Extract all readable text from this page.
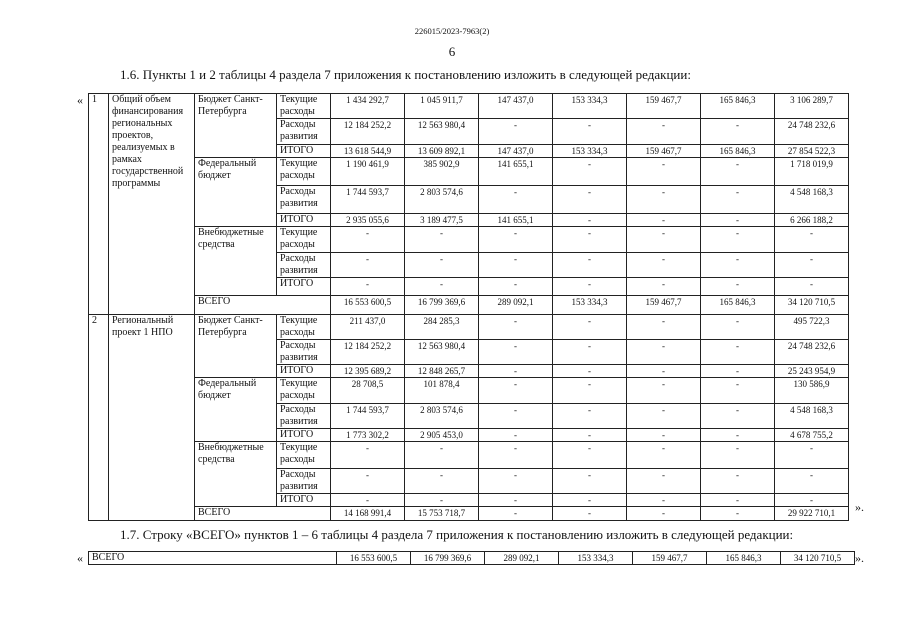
226015/2023-7963(2)
6
1.6. Пункты 1 и 2 таблицы 4 раздела 7 приложения к постановлению изложить в следующей редакции:
« 1	Общий объем финансирования региональных проектов, реализуемых в рамках государственной программы	Бюджет Санкт-Петербурга	Текущие расходы	1 434 292,7	1 045 911,7	147 437,0	153 334,3	159 467,7	165 846,3	3 106 289,7
			Расходы развития	12 184 252,2	12 563 980,4	-	-	-	-	24 748 232,6
			ИТОГО	13 618 544,9	13 609 892,1	147 437,0	153 334,3	159 467,7	165 846,3	27 854 522,3
		Федеральный бюджет	Текущие расходы	1 190 461,9	385 902,9	141 655,1	-	-	-	1 718 019,9
			Расходы развития	1 744 593,7	2 803 574,6	-	-	-	-	4 548 168,3
			ИТОГО	2 935 055,6	3 189 477,5	141 655,1	-	-	-	6 266 188,2
		Внебюджетные средства	Текущие расходы	-	-	-	-	-	-	-
			Расходы развития	-	-	-	-	-	-	-
			ИТОГО	-	-	-	-	-	-	-
		ВСЕГО		16 553 600,5	16 799 369,6	289 092,1	153 334,3	159 467,7	165 846,3	34 120 710,5
2	Региональный проект 1 НПО	Бюджет Санкт-Петербурга	Текущие расходы	211 437,0	284 285,3	-	-	-	-	495 722,3
			Расходы развития	12 184 252,2	12 563 980,4	-	-	-	-	24 748 232,6
			ИТОГО	12 395 689,2	12 848 265,7	-	-	-	-	25 243 954,9
		Федеральный бюджет	Текущие расходы	28 708,5	101 878,4	-	-	-	-	130 586,9
			Расходы развития	1 744 593,7	2 803 574,6	-	-	-	-	4 548 168,3
			ИТОГО	1 773 302,2	2 905 453,0	-	-	-	-	4 678 755,2
		Внебюджетные средства	Текущие расходы	-	-	-	-	-	-	-
			Расходы развития	-	-	-	-	-	-	-
			ИТОГО	-	-	-	-	-	-	-
		ВСЕГО		14 168 991,4	15 753 718,7	-	-	-	-	29 922 710,1 ».
1.7. Строку «ВСЕГО» пунктов 1 – 6 таблицы 4 раздела 7 приложения к постановлению изложить в следующей редакции:
« ВСЕГО	16 553 600,5	16 799 369,6	289 092,1	153 334,3	159 467,7	165 846,3	34 120 710,5 ».
